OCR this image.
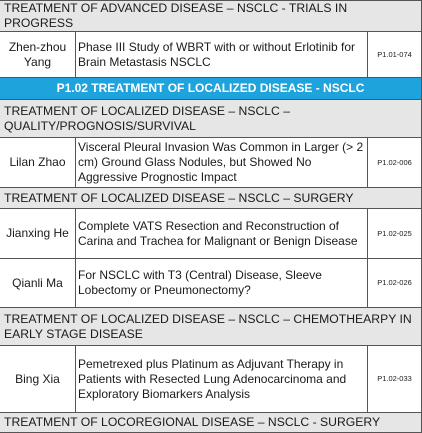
TREATMENT OF ADVANCED DISEASE – NSCLC - TRIALS IN PROGRESS		
Zhen-zhou Yang	Phase III Study of WBRT with or without Erlotinib for Brain Metastasis NSCLC	P1.01-074
P1.02 TREATMENT OF LOCALIZED DISEASE - NSCLC		
TREATMENT OF LOCALIZED DISEASE – NSCLC – QUALITY/PROGNOSIS/SURVIVAL		
Lilan Zhao	Visceral Pleural Invasion Was Common in Larger (> 2 cm) Ground Glass Nodules, but Showed No Aggressive Prognostic Impact	P1.02-006
TREATMENT OF LOCALIZED DISEASE – NSCLC – SURGERY		
Jianxing He	Complete VATS Resection and Reconstruction of Carina and Trachea for Malignant or Benign Disease	P1.02-025
Qianli Ma	For NSCLC with T3 (Central) Disease, Sleeve Lobectomy or Pneumonectomy?	P1.02-026
TREATMENT OF LOCALIZED DISEASE – NSCLC – CHEMOTHEARPY IN EARLY STAGE DISEASE		
Bing Xia	Pemetrexed plus Platinum as Adjuvant Therapy in Patients with Resected Lung Adenocarcinoma and Exploratory Biomarkers Analysis	P1.02-033
TREATMENT OF LOCOREGIONAL DISEASE – NSCLC - SURGERY		
